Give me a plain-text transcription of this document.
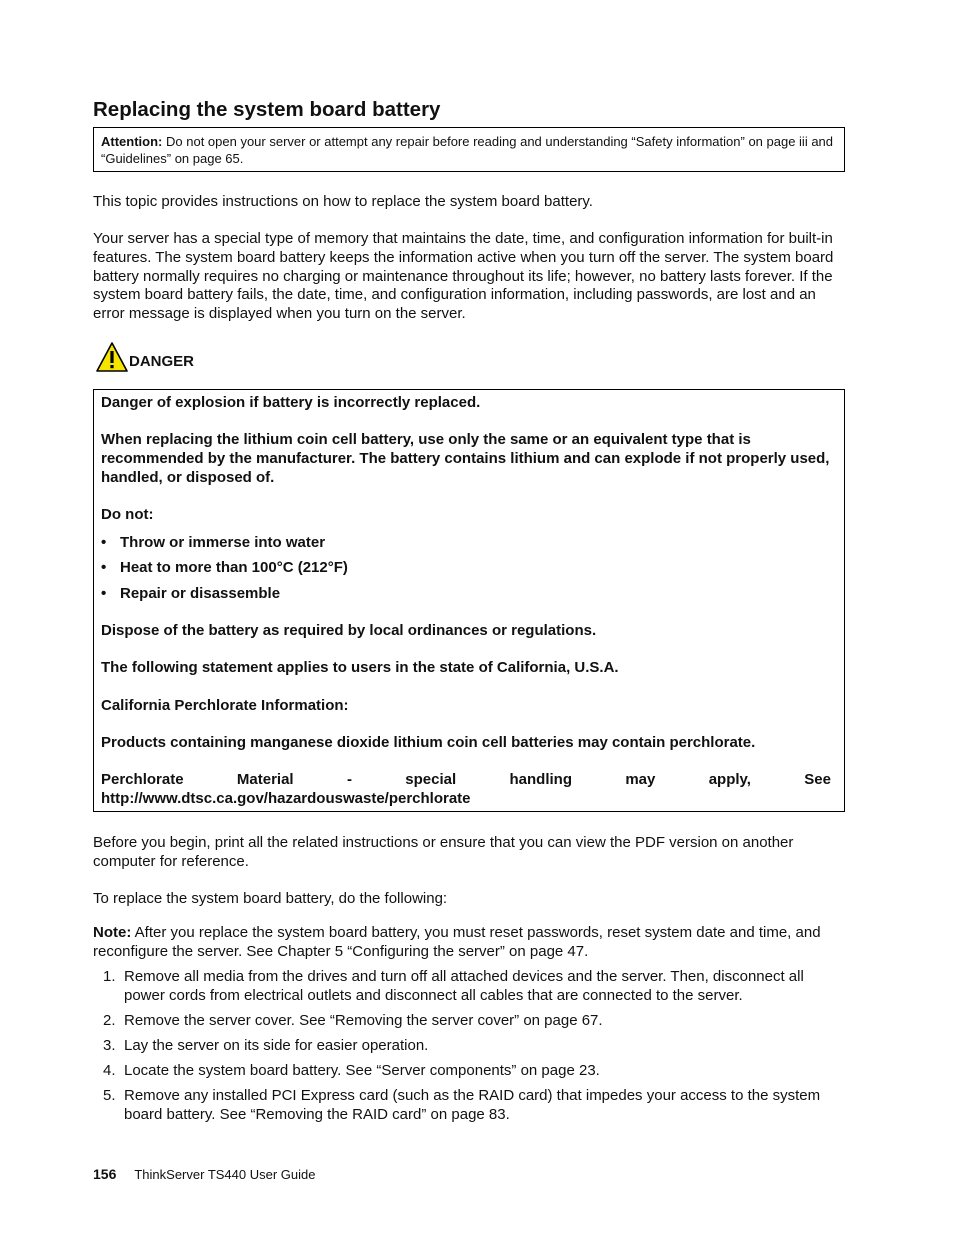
Replacing the system board battery
Attention: Do not open your server or attempt any repair before reading and understanding “Safety information” on page iii and “Guidelines” on page 65.

This topic provides instructions on how to replace the system board battery.

Your server has a special type of memory that maintains the date, time, and configuration information for built-in features. The system board battery keeps the information active when you turn off the server. The system board battery normally requires no charging or maintenance throughout its life; however, no battery lasts forever. If the system board battery fails, the date, time, and configuration information, including passwords, are lost and an error message is displayed when you turn on the server.

DANGER

Danger of explosion if battery is incorrectly replaced.

When replacing the lithium coin cell battery, use only the same or an equivalent type that is recommended by the manufacturer. The battery contains lithium and can explode if not properly used, handled, or disposed of.

Do not:

• Throw or immerse into water
• Heat to more than 100°C (212°F)
• Repair or disassemble

Dispose of the battery as required by local ordinances or regulations.

The following statement applies to users in the state of California, U.S.A.

California Perchlorate Information:

Products containing manganese dioxide lithium coin cell batteries may contain perchlorate.

Perchlorate	Material	-	special	handling	may	apply,	See

http://www.dtsc.ca.gov/hazardouswaste/perchlorate

Before you begin, print all the related instructions or ensure that you can view the PDF version on another computer for reference.

To replace the system board battery, do the following:

Note: After you replace the system board battery, you must reset passwords, reset system date and time, and reconfigure the server. See Chapter 5 “Configuring the server” on page 47.

1. Remove all media from the drives and turn off all attached devices and the server. Then, disconnect all power cords from electrical outlets and disconnect all cables that are connected to the server.
2. Remove the server cover. See “Removing the server cover” on page 67.
3. Lay the server on its side for easier operation.
4. Locate the system board battery. See “Server components” on page 23.
5. Remove any installed PCI Express card (such as the RAID card) that impedes your access to the system board battery. See “Removing the RAID card” on page 83.
156 ThinkServer TS440 User Guide
